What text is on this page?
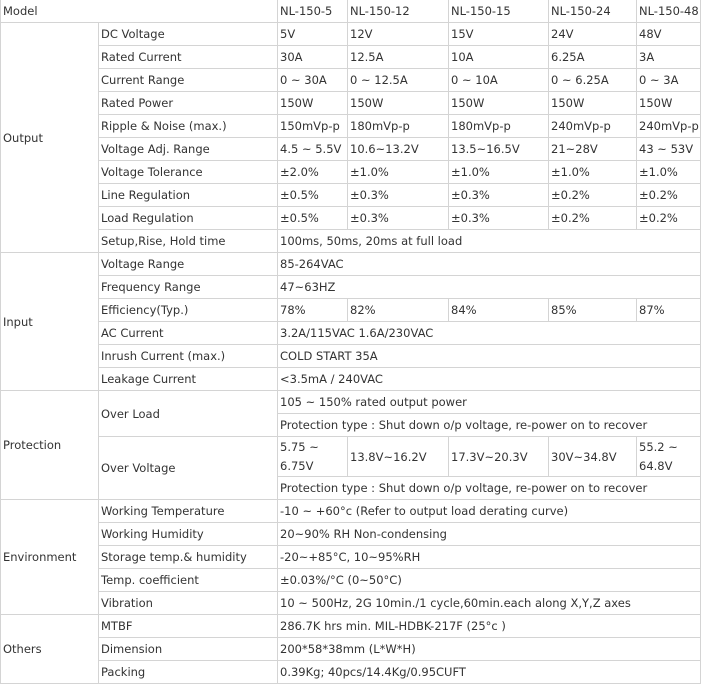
Model		NL-150-5	NL-150-12	NL-150-15	NL-150-24	NL-150-48
Output	DC Voltage	5V	12V	15V	24V	48V
	Rated Current	30A	12.5A	10A	6.25A	3A
	Current Range	0 ~ 30A	0 ~ 12.5A	0 ~ 10A	0 ~ 6.25A	0 ~ 3A
	Rated Power	150W	150W	150W	150W	150W
	Ripple & Noise (max.)	150mVp-p	180mVp-p	180mVp-p	240mVp-p	240mVp-p
	Voltage Adj. Range	4.5 ~ 5.5V	10.6~13.2V	13.5~16.5V	21~28V	43 ~ 53V
	Voltage Tolerance	±2.0%	±1.0%	±1.0%	±1.0%	±1.0%
	Line Regulation	±0.5%	±0.3%	±0.3%	±0.2%	±0.2%
	Load Regulation	±0.5%	±0.3%	±0.3%	±0.2%	±0.2%
	Setup,Rise, Hold time	100ms, 50ms, 20ms at full load				
Input	Voltage Range	85-264VAC				
	Frequency Range	47~63HZ				
	Efficiency(Typ.)	78%	82%	84%	85%	87%
	AC Current	3.2A/115VAC 1.6A/230VAC				
	Inrush Current (max.)	COLD START 35A				
	Leakage Current	<3.5mA / 240VAC				
Protection	Over Load	105 ~ 150% rated output power				
		Protection type : Shut down o/p voltage, re-power on to recover				
	Over Voltage	5.75 ~ 6.75V	13.8V~16.2V	17.3V~20.3V	30V~34.8V	55.2 ~ 64.8V
		Protection type : Shut down o/p voltage, re-power on to recover				

Environment	Working Temperature	-10 ~ +60°c (Refer to output load derating curve)				
	Working Humidity	20~90% RH Non-condensing				
	Storage temp.& humidity	-20~+85°C, 10~95%RH				
	Temp. coefficient	±0.03%/°C (0~50°C)				
	Vibration	10 ~ 500Hz, 2G 10min./1 cycle,60min.each along X,Y,Z axes				
Others	MTBF	286.7K hrs min. MIL-HDBK-217F (25°c )				
	Dimension	200*58*38mm (L*W*H)				
	Packing	0.39Kg; 40pcs/14.4Kg/0.95CUFT				
